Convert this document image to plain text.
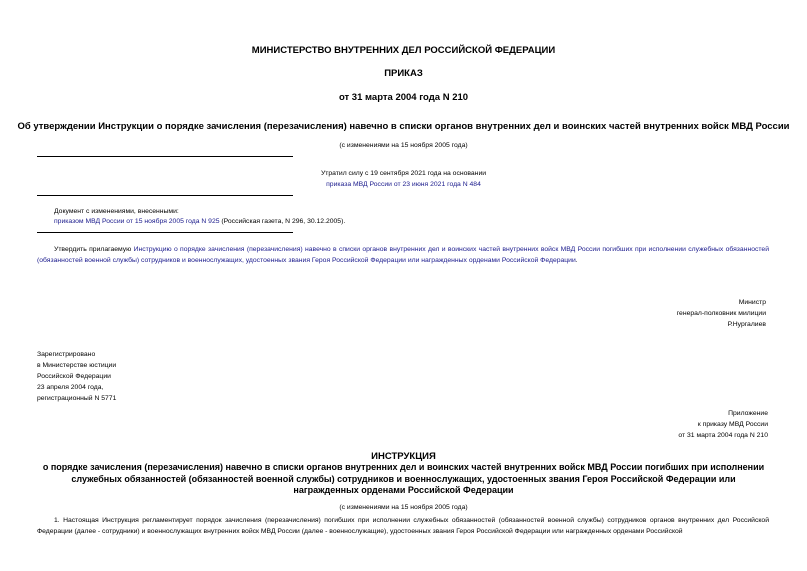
МИНИСТЕРСТВО ВНУТРЕННИХ ДЕЛ РОССИЙСКОЙ ФЕДЕРАЦИИ
ПРИКАЗ
от 31 марта 2004 года N 210
Об утверждении Инструкции о порядке зачисления (перезачисления) навечно в списки органов внутренних дел и воинских частей внутренних войск МВД России
(с изменениями на 15 ноября 2005 года)
Утратил силу с 19 сентября 2021 года на основании
приказа МВД России от 23 июня 2021 года N 484
Документ с изменениями, внесенными:
приказом МВД России от 15 ноября 2005 года N 925 (Российская газета, N 296, 30.12.2005).
Утвердить прилагаемую Инструкцию о порядке зачисления (перезачисления) навечно в списки органов внутренних дел и воинских частей внутренних войск МВД России погибших при исполнении служебных обязанностей (обязанностей военной службы) сотрудников и военнослужащих, удостоенных звания Героя Российской Федерации или награжденных орденами Российской Федерации.
Министр
генерал-полковник милиции
Р.Нургалиев
Зарегистрировано
в Министерстве юстиции
Российской Федерации
23 апреля 2004 года,
регистрационный N 5771
Приложение
к приказу МВД России
от 31 марта 2004 года N 210
ИНСТРУКЦИЯ
о порядке зачисления (перезачисления) навечно в списки органов внутренних дел и воинских частей внутренних войск МВД России погибших при исполнении служебных обязанностей (обязанностей военной службы) сотрудников и военнослужащих, удостоенных звания Героя Российской Федерации или награжденных орденами Российской Федерации
(с изменениями на 15 ноября 2005 года)
1. Настоящая Инструкция регламентирует порядок зачисления (перезачисления) погибших при исполнении служебных обязанностей (обязанностей военной службы) сотрудников органов внутренних дел Российской Федерации (далее - сотрудники) и военнослужащих внутренних войск МВД России (далее - военнослужащие), удостоенных звания Героя Российской Федерации или награжденных орденами Российской
